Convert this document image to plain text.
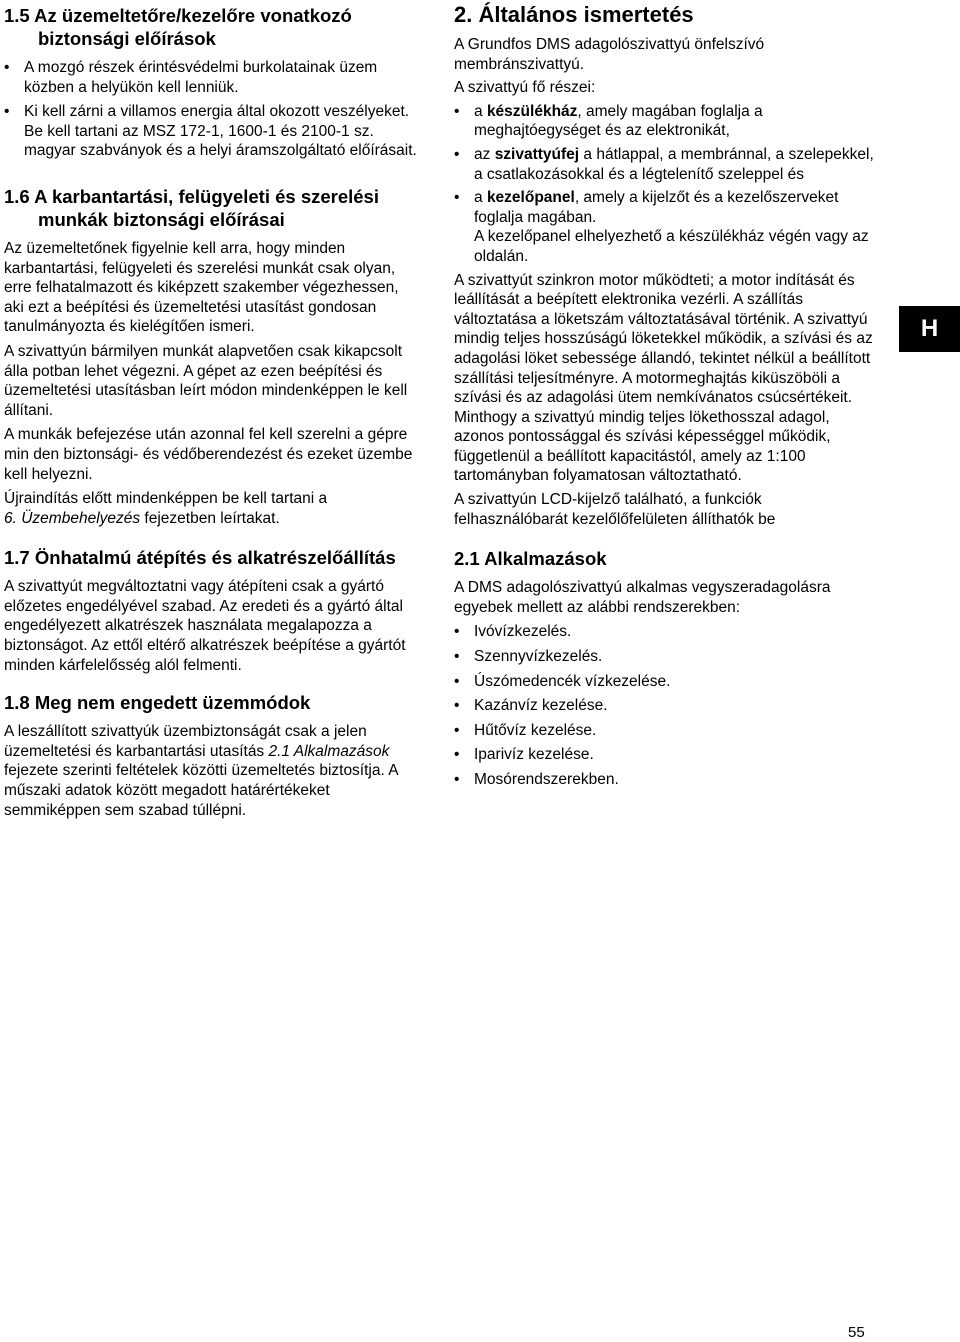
1.5 Az üzemeltetőre/kezelőre vonatkozó biztonsági előírások
• A mozgó részek érintésvédelmi burkolatainak üzem közben a helyükön kell lenniük.
• Ki kell zárni a villamos energia által okozott veszélyeket. Be kell tartani az MSZ 172-1, 1600-1 és 2100-1 sz. magyar szabványok és a helyi áramszolgáltató előírásait.
1.6 A karbantartási, felügyeleti és szerelési munkák biztonsági előírásai

Az üzemeltetőnek figyelnie kell arra, hogy minden karbantartási, felügyeleti és szerelési munkát csak olyan, erre felhatalmazott és kiképzett szakember végezhessen, aki ezt a beépítési és üzemeltetési utasítást gondosan tanulmányozta és kielégítően ismeri.

A szivattyún bármilyen munkát alapvetően csak kikapcsolt álla potban lehet végezni. A gépet az ezen beépítési és üzemeltetési utasításban leírt módon mindenképpen le kell állítani.

A munkák befejezése után azonnal fel kell szerelni a gépre min den biztonsági- és védőberendezést és ezeket üzembe kell helyezni.

Újraindítás előtt mindenképpen be kell tartani a
6. Üzembehelyezés fejezetben leírtakat.

1.7 Önhatalmú átépítés és alkatrészelőállítás

A szivattyút megváltoztatni vagy átépíteni csak a gyártó előzetes engedélyével szabad. Az eredeti és a gyártó által engedélyezett alkatrészek használata megalapozza a biztonságot. Az ettől eltérő alkatrészek beépítése a gyártót minden kárfelelősség alól felmenti.

1.8 Meg nem engedett üzemmódok

A leszállított szivattyúk üzembiztonságát csak a jelen üzemeltetési és karbantartási utasítás 2.1 Alkalmazások fejezete szerinti feltételek közötti üzemeltetés biztosítja. A műszaki adatok között megadott határértékeket semmiképpen sem szabad túllépni.

2. Általános ismertetés

A Grundfos DMS adagolószivattyú önfelszívó membránszivattyú.

A szivattyú fő részei:

• a készülékház, amely magában foglalja a meghajtóegységet és az elektronikát,
• az szivattyúfej a hátlappal, a membránnal, a szelepekkel, a csatlakozásokkal és a légtelenítő szeleppel és
• a kezelőpanel, amely a kijelzőt és a kezelőszerveket foglalja magában.
A kezelőpanel elhelyezhető a készülékház végén vagy az oldalán.

A szivattyút szinkron motor működteti; a motor indítását és leállítását a beépített elektronika vezérli. A szállítás változtatása a löketszám változtatásával történik. A szivattyú mindig teljes hosszúságú löketekkel működik, a szívási és az adagolási löket sebessége állandó, tekintet nélkül a beállított szállítási teljesítményre. A motormeghajtás kiküszöböli a szívási és az adagolási ütem nemkívánatos csúcsértékeit. Minthogy a szivattyú mindig teljes lökethosszal adagol, azonos pontossággal és szívási képességgel működik, függetlenül a beállított kapacitástól, amely az 1:100 tartományban folyamatosan változtatható.

A szivattyún LCD-kijelző található, a funkciók felhasználóbarát kezelőlőfelületen állíthatók be

2.1 Alkalmazások

A DMS adagolószivattyú alkalmas vegyszeradagolásra egyebek mellett az alábbi rendszerekben:

• Ivóvízkezelés.
• Szennyvízkezelés.
• Úszómedencék vízkezelése.
• Kazánvíz kezelése.
• Hűtővíz kezelése.
• Iparivíz kezelése.
• Mosórendszerekben.
H
55
